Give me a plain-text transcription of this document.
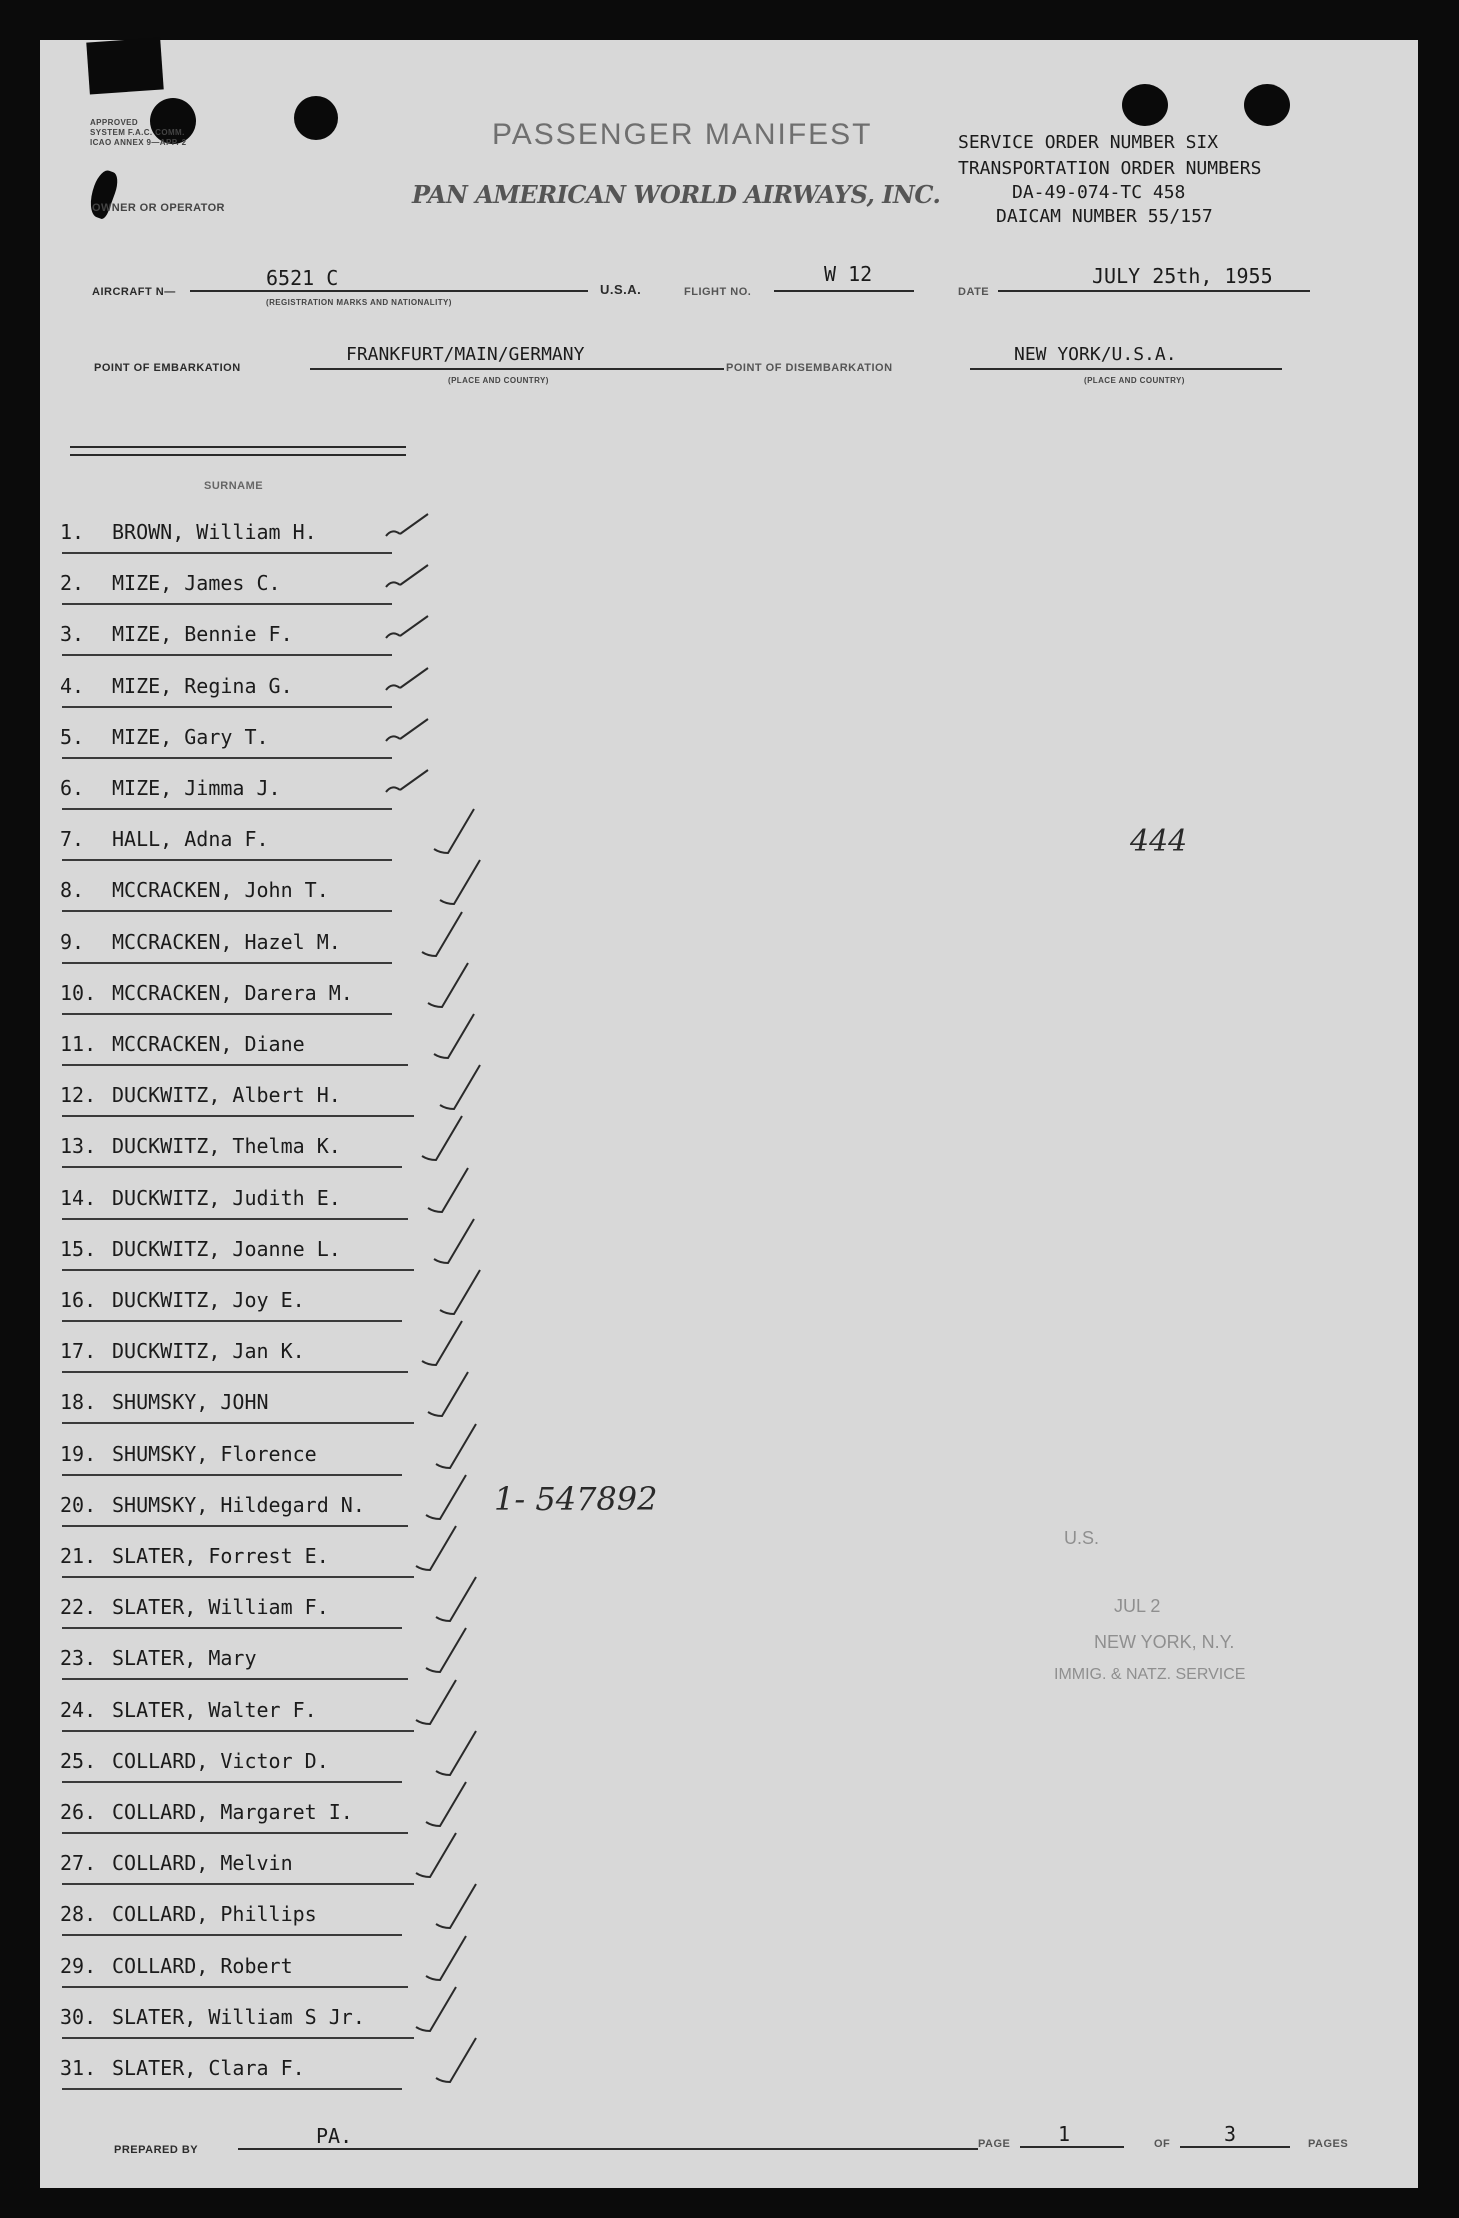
APPROVED
SYSTEM F.A.C. COMM.
ICAO ANNEX 9—APP. 2
OWNER OR OPERATOR
PASSENGER MANIFEST
PAN AMERICAN WORLD AIRWAYS, INC.
SERVICE ORDER NUMBER SIX
TRANSPORTATION ORDER NUMBERS
DA-49-074-TC 458
DAICAM NUMBER 55/157
AIRCRAFT N—
6521 C
(REGISTRATION MARKS AND NATIONALITY)
U.S.A.	FLIGHT NO.
W 12
DATE
JULY 25th, 1955
POINT OF EMBARKATION
FRANKFURT/MAIN/GERMANY
(PLACE AND COUNTRY)
POINT OF DISEMBARKATION
NEW YORK/U.S.A.
(PLACE AND COUNTRY)
SURNAME
1.	BROWN, William H.
2.	MIZE, James C.
3.	MIZE, Bennie F.
4.	MIZE, Regina G.
5.	MIZE, Gary T.
6.	MIZE, Jimma J.
7.	HALL, Adna F.
8.	MCCRACKEN, John T.
9.	MCCRACKEN, Hazel M.
10. MCCRACKEN, Darera M.
11. MCCRACKEN, Diane
12. DUCKWITZ, Albert H.
13. DUCKWITZ, Thelma K.
14. DUCKWITZ, Judith E.
15. DUCKWITZ, Joanne L.
16. DUCKWITZ, Joy E.
17. DUCKWITZ, Jan K.
18. SHUMSKY, JOHN
19. SHUMSKY, Florence
20. SHUMSKY, Hildegard N.
21. SLATER, Forrest E.
22. SLATER, William F.
23. SLATER, Mary
24. SLATER, Walter F.
25. COLLARD, Victor D.
26. COLLARD, Margaret I.
27. COLLARD, Melvin
28. COLLARD, Phillips
29. COLLARD, Robert
30. SLATER, William S Jr.
31. SLATER, Clara F.
444
1- 547892
U.S.
JUL 2
NEW YORK, N.Y.
IMMIG. & NATZ. SERVICE
PREPARED BY
PA.	PAGE 1	OF	3	PAGES
